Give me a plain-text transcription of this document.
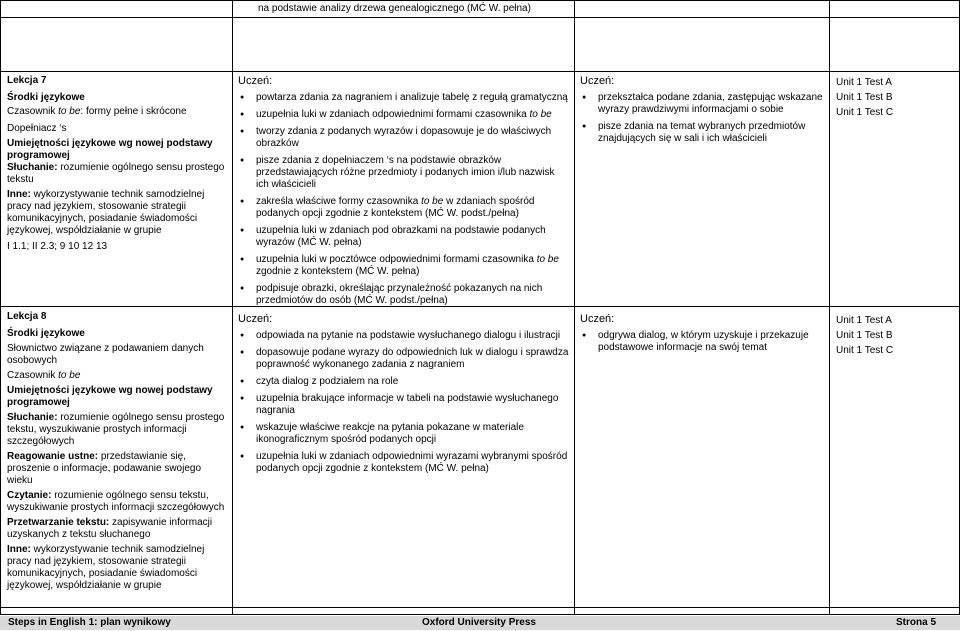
na podstawie analizy drzewa genealogicznego (MĆ W. pełna)

Lekcja 7

Środki językowe

Czasownik to be: formy pełne i skrócone

Dopełniacz ‘s

Umiejętności językowe wg nowej podstawy programowej

Słuchanie: rozumienie ogólnego sensu prostego tekstu

Inne: wykorzystywanie technik samodzielnej pracy nad językiem, stosowanie strategii komunikacyjnych, posiadanie świadomości językowej, współdziałanie w grupie

I 1.1; II 2.3; 9 10 12 13

Uczeń:

● powtarza zdania za nagraniem i analizuje tabelę z regułą gramatyczną
● uzupełnia luki w zdaniach odpowiednimi formami czasownika to be
● tworzy zdania z podanych wyrazów i dopasowuje je do właściwych obrazków
● pisze zdania z dopełniaczem ‘s na podstawie obrazków przedstawiających różne przedmioty i podanych imion i/lub nazwisk ich właścicieli
● zakreśla właściwe formy czasownika to be w zdaniach spośród podanych opcji zgodnie z kontekstem (MĆ W. podst./pełna)
● uzupełnia luki w zdaniach pod obrazkami na podstawie podanych wyrazów (MĆ W. pełna)
● uzupełnia luki w pocztówce odpowiednimi formami czasownika to be zgodnie z kontekstem (MĆ W. pełna)
● podpisuje obrazki, określając przynależność pokazanych na nich przedmiotów do osób (MĆ W. podst./pełna)

Uczeń:

● przekształca podane zdania, zastępując wskazane wyrazy prawdziwymi informacjami o sobie
● pisze zdania na temat wybranych przedmiotów znajdujących się w sali i ich właścicieli

Unit 1 Test A

Unit 1 Test B

Unit 1 Test C

Lekcja 8

Środki językowe

Słownictwo związane z podawaniem danych osobowych

Czasownik to be

Umiejętności językowe wg nowej podstawy programowej

Słuchanie: rozumienie ogólnego sensu prostego tekstu, wyszukiwanie prostych informacji szczegółowych

Reagowanie ustne: przedstawianie się, proszenie o informacje, podawanie swojego wieku

Czytanie: rozumienie ogólnego sensu tekstu, wyszukiwanie prostych informacji szczegółowych

Przetwarzanie tekstu: zapisywanie informacji uzyskanych z tekstu słuchanego

Inne: wykorzystywanie technik samodzielnej pracy nad językiem, stosowanie strategii komunikacyjnych, posiadanie świadomości językowej, współdziałanie w grupie

Uczeń:

● odpowiada na pytanie na podstawie wysłuchanego dialogu i ilustracji
● dopasowuje podane wyrazy do odpowiednich luk w dialogu i sprawdza poprawność wykonanego zadania z nagraniem
● czyta dialog z podziałem na role
● uzupełnia brakujące informacje w tabeli na podstawie wysłuchanego nagrania
● wskazuje właściwe reakcje na pytania pokazane w materiale ikonograficznym spośród podanych opcji
● uzupełnia luki w zdaniach odpowiednimi wyrazami wybranymi spośród podanych opcji zgodnie z kontekstem (MĆ W. pełna)

Uczeń:

● odgrywa dialog, w którym uzyskuje i przekazuje podstawowe informacje na swój temat

Unit 1 Test A

Unit 1 Test B

Unit 1 Test C

Steps in English 1: plan wynikowy	Oxford University Press	Strona 5
